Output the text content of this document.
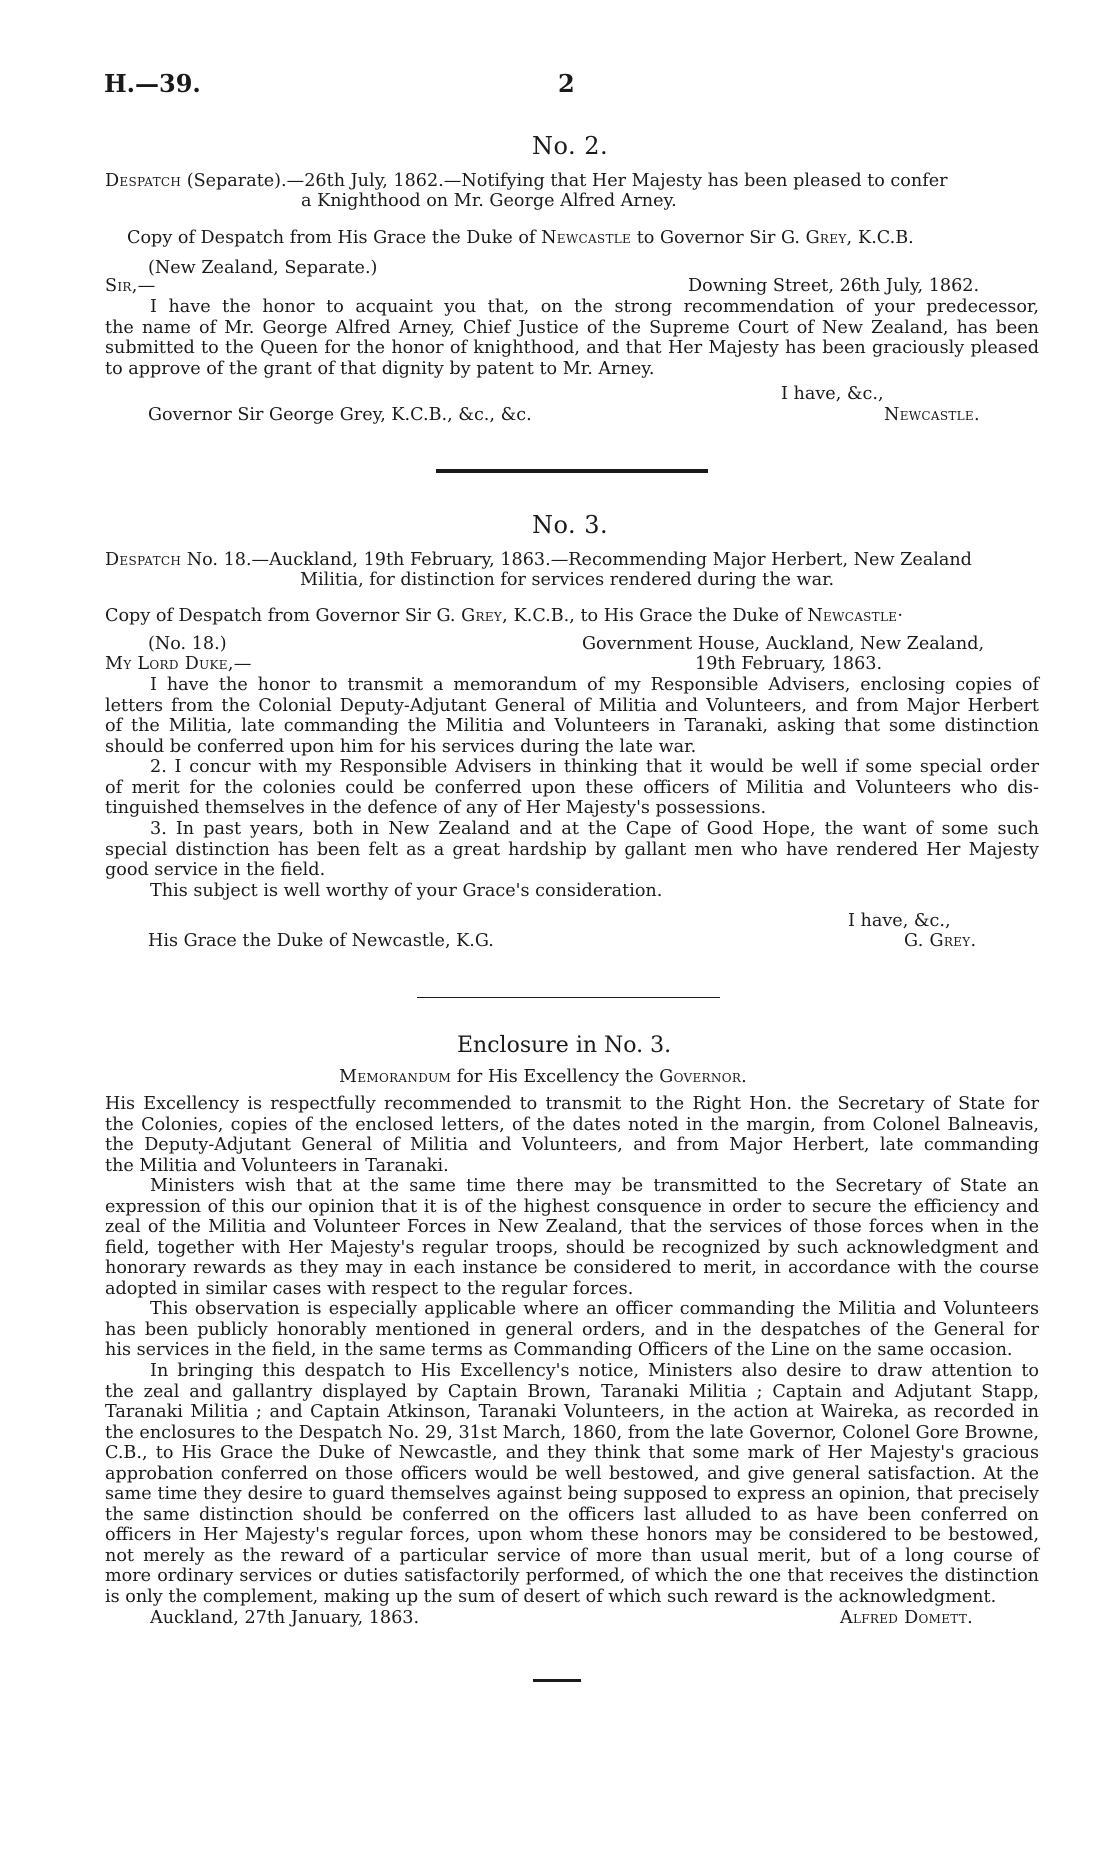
H.—39.	2
No. 2.
Despatch (Separate).—26th July, 1862.—Notifying that Her Majesty has been pleased to confer
a Knighthood on Mr. George Alfred Arney.
Copy of Despatch from His Grace the Duke of Newcastle to Governor Sir G. Grey, K.C.B.
(New Zealand, Separate.)
Sir,—	Downing Street, 26th July, 1862.
I have the honor to acquaint you that, on the strong recommendation of your predecessor,
the name of Mr. George Alfred Arney, Chief Justice of the Supreme Court of New Zealand, has been
submitted to the Queen for the honor of knighthood, and that Her Majesty has been graciously pleased
to approve of the grant of that dignity by patent to Mr. Arney.
I have, &c.,
Governor Sir George Grey, K.C.B., &c., &c.	Newcastle.
No. 3.
Despatch No. 18.—Auckland, 19th February, 1863.—Recommending Major Herbert, New Zealand
Militia, for distinction for services rendered during the war.
Copy of Despatch from Governor Sir G. Grey, K.C.B., to His Grace the Duke of Newcastle·
(No. 18.)	Government House, Auckland, New Zealand,
My Lord Duke,—	19th February, 1863.
I have the honor to transmit a memorandum of my Responsible Advisers, enclosing copies of
letters from the Colonial Deputy-Adjutant General of Militia and Volunteers, and from Major Herbert
of the Militia, late commanding the Militia and Volunteers in Taranaki, asking that some distinction
should be conferred upon him for his services during the late war.
2. I concur with my Responsible Advisers in thinking that it would be well if some special order
of merit for the colonies could be conferred upon these officers of Militia and Volunteers who dis-
tinguished themselves in the defence of any of Her Majesty's possessions.
3. In past years, both in New Zealand and at the Cape of Good Hope, the want of some such
special distinction has been felt as a great hardship by gallant men who have rendered Her Majesty
good service in the field.
This subject is well worthy of your Grace's consideration.
I have, &c.,
His Grace the Duke of Newcastle, K.G.	G. Grey.
Enclosure in No. 3.
Memorandum for His Excellency the Governor.
His Excellency is respectfully recommended to transmit to the Right Hon. the Secretary of State for
the Colonies, copies of the enclosed letters, of the dates noted in the margin, from Colonel Balneavis,
the Deputy-Adjutant General of Militia and Volunteers, and from Major Herbert, late commanding
the Militia and Volunteers in Taranaki.
Ministers wish that at the same time there may be transmitted to the Secretary of State an
expression of this our opinion that it is of the highest consquence in order to secure the efficiency and
zeal of the Militia and Volunteer Forces in New Zealand, that the services of those forces when in the
field, together with Her Majesty's regular troops, should be recognized by such acknowledgment and
honorary rewards as they may in each instance be considered to merit, in accordance with the course
adopted in similar cases with respect to the regular forces.
This observation is especially applicable where an officer commanding the Militia and Volunteers
has been publicly honorably mentioned in general orders, and in the despatches of the General for
his services in the field, in the same terms as Commanding Officers of the Line on the same occasion.
In bringing this despatch to His Excellency's notice, Ministers also desire to draw attention to
the zeal and gallantry displayed by Captain Brown, Taranaki Militia ; Captain and Adjutant Stapp,
Taranaki Militia ; and Captain Atkinson, Taranaki Volunteers, in the action at Waireka, as recorded in
the enclosures to the Despatch No. 29, 31st March, 1860, from the late Governor, Colonel Gore Browne,
C.B., to His Grace the Duke of Newcastle, and they think that some mark of Her Majesty's gracious
approbation conferred on those officers would be well bestowed, and give general satisfaction. At the
same time they desire to guard themselves against being supposed to express an opinion, that precisely
the same distinction should be conferred on the officers last alluded to as have been conferred on
officers in Her Majesty's regular forces, upon whom these honors may be considered to be bestowed,
not merely as the reward of a particular service of more than usual merit, but of a long course of
more ordinary services or duties satisfactorily performed, of which the one that receives the distinction
is only the complement, making up the sum of desert of which such reward is the acknowledgment.
Auckland, 27th January, 1863.	Alfred Domett.
